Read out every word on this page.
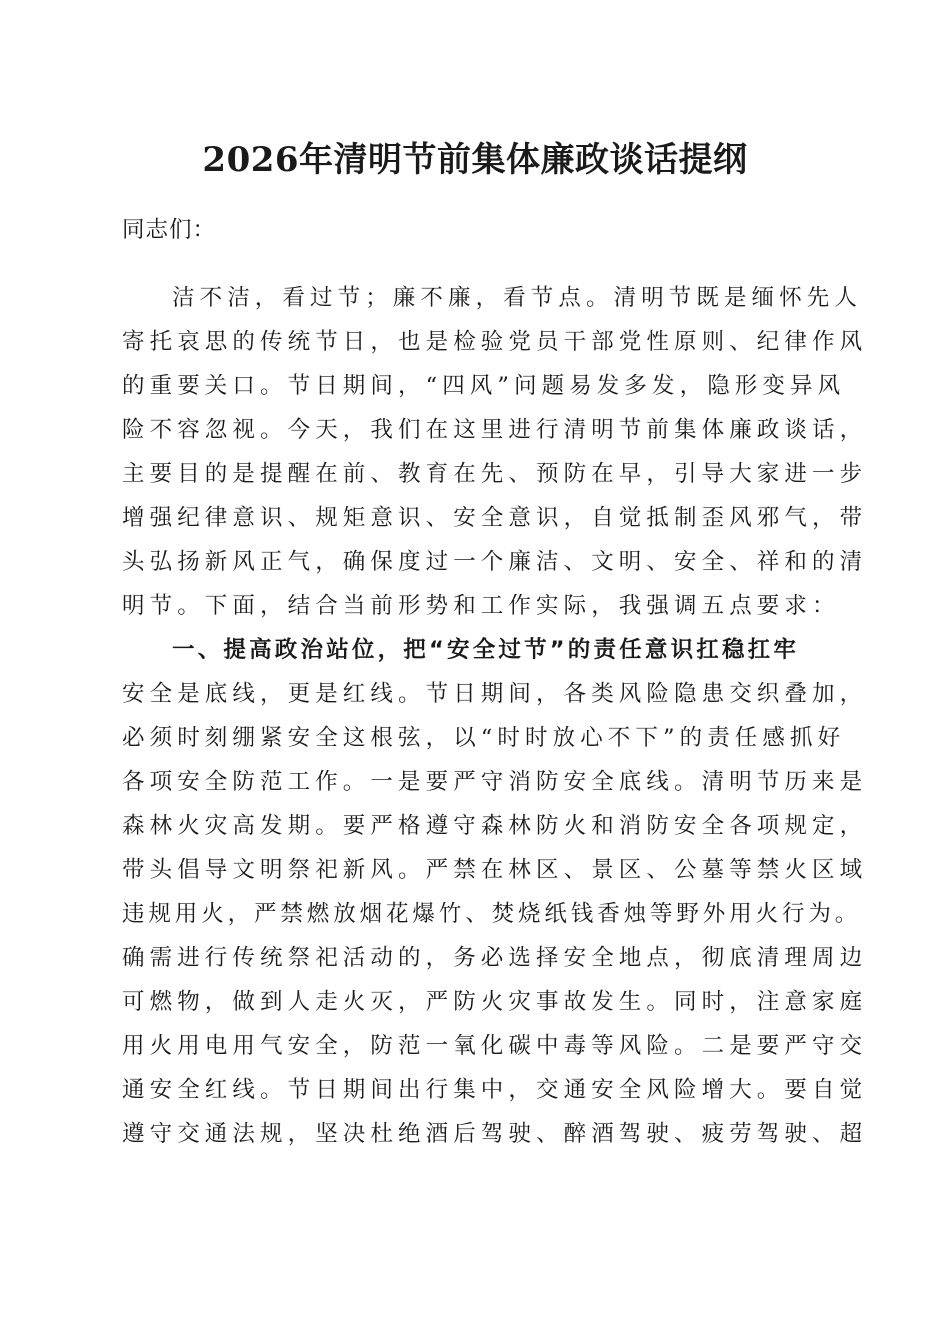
2026年清明节前集体廉政谈话提纲
同志们：
洁不洁，看过节；廉不廉，看节点。清明节既是缅怀先人
寄托哀思的传统节日，也是检验党员干部党性原则、纪律作风
的重要关口。节日期间，“四风”问题易发多发，隐形变异风
险不容忽视。今天，我们在这里进行清明节前集体廉政谈话，
主要目的是提醒在前、教育在先、预防在早，引导大家进一步
增强纪律意识、规矩意识、安全意识，自觉抵制歪风邪气，带
头弘扬新风正气，确保度过一个廉洁、文明、安全、祥和的清
明节。下面，结合当前形势和工作实际，我强调五点要求：
一、提高政治站位，把“安全过节”的责任意识扛稳扛牢
安全是底线，更是红线。节日期间，各类风险隐患交织叠加，
必须时刻绷紧安全这根弦，以“时时放心不下”的责任感抓好
各项安全防范工作。一是要严守消防安全底线。清明节历来是
森林火灾高发期。要严格遵守森林防火和消防安全各项规定，
带头倡导文明祭祀新风。严禁在林区、景区、公墓等禁火区域
违规用火，严禁燃放烟花爆竹、焚烧纸钱香烛等野外用火行为。
确需进行传统祭祀活动的，务必选择安全地点，彻底清理周边
可燃物，做到人走火灭，严防火灾事故发生。同时，注意家庭
用火用电用气安全，防范一氧化碳中毒等风险。二是要严守交
通安全红线。节日期间出行集中，交通安全风险增大。要自觉
遵守交通法规，坚决杜绝酒后驾驶、醉酒驾驶、疲劳驾驶、超
